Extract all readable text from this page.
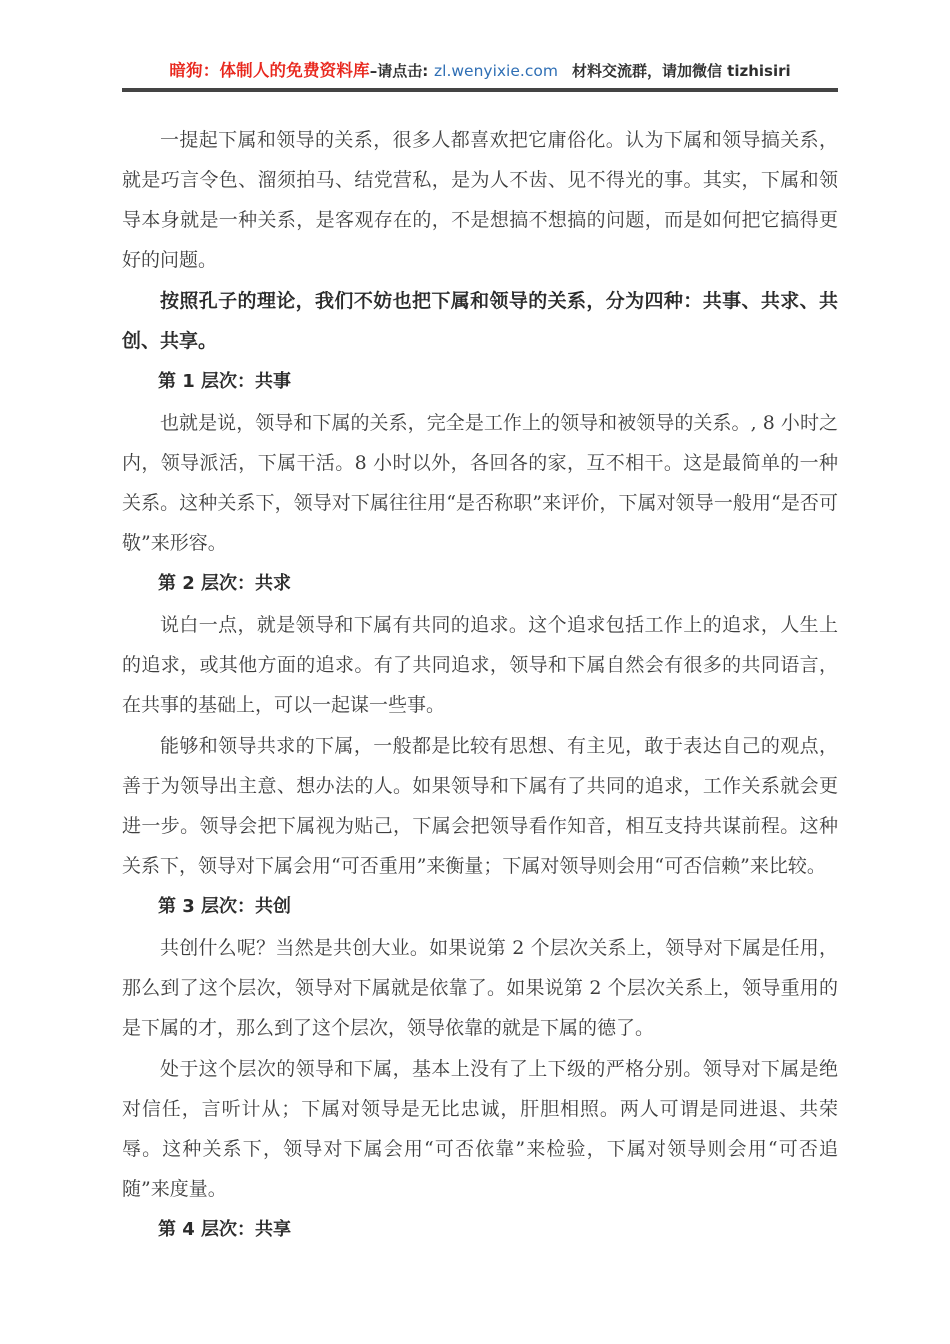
暗狗：体制人的免费资料库–请点击: zl.wenyixie.com 材料交流群，请加微信 tizhisiri

一提起下属和领导的关系，很多人都喜欢把它庸俗化。认为下属和领导搞关系，就是巧言令色、溜须拍马、结党营私，是为人不齿、见不得光的事。其实，下属和领导本身就是一种关系，是客观存在的，不是想搞不想搞的问题，而是如何把它搞得更好的问题。

按照孔子的理论，我们不妨也把下属和领导的关系，分为四种：共事、共求、共创、共享。

第 1 层次：共事

也就是说，领导和下属的关系，完全是工作上的领导和被领导的关系。, 8 小时之内，领导派活，下属干活。8 小时以外，各回各的家，互不相干。这是最简单的一种关系。这种关系下，领导对下属往往用“是否称职”来评价，下属对领导一般用“是否可敬”来形容。

第 2 层次：共求

说白一点，就是领导和下属有共同的追求。这个追求包括工作上的追求，人生上的追求，或其他方面的追求。有了共同追求，领导和下属自然会有很多的共同语言，在共事的基础上，可以一起谋一些事。

能够和领导共求的下属，一般都是比较有思想、有主见，敢于表达自己的观点，善于为领导出主意、想办法的人。如果领导和下属有了共同的追求，工作关系就会更进一步。领导会把下属视为贴己，下属会把领导看作知音，相互支持共谋前程。这种关系下，领导对下属会用“可否重用”来衡量；下属对领导则会用“可否信赖”来比较。

第 3 层次：共创

共创什么呢？当然是共创大业。如果说第 2 个层次关系上，领导对下属是任用，那么到了这个层次，领导对下属就是依靠了。如果说第 2 个层次关系上，领导重用的是下属的才，那么到了这个层次，领导依靠的就是下属的德了。

处于这个层次的领导和下属，基本上没有了上下级的严格分别。领导对下属是绝对信任，言听计从；下属对领导是无比忠诚，肝胆相照。两人可谓是同进退、共荣辱。这种关系下，领导对下属会用“可否依靠”来检验，下属对领导则会用“可否追随”来度量。

第 4 层次：共享
